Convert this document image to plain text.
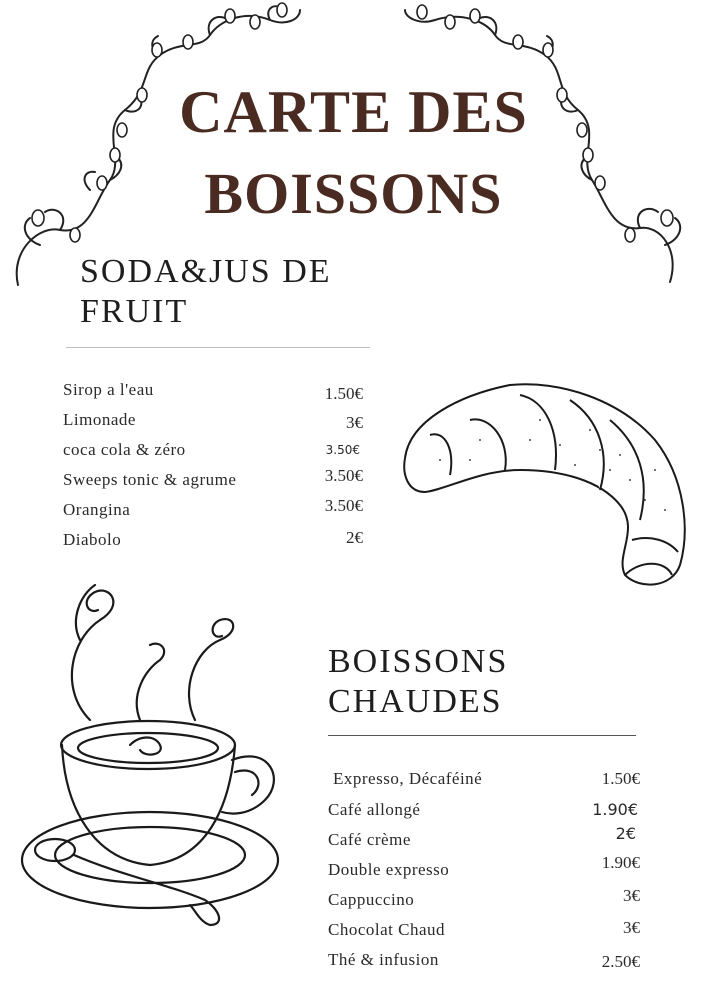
CARTE DES
BOISSONS
SODA&JUS DE
FRUIT
Sirop a l'eau	1.50€
Limonade	3€
coca cola & zéro	3.50€
Sweeps tonic & agrume	3.50€
Orangina	3.50€
Diabolo	2€
BOISSONS
CHAUDES
Expresso, Décaféiné	1.50€
Café allongé	1.90€
Café crème	2€
Double expresso	1.90€
Cappuccino	3€
Chocolat Chaud	3€
Thé & infusion	2.50€
